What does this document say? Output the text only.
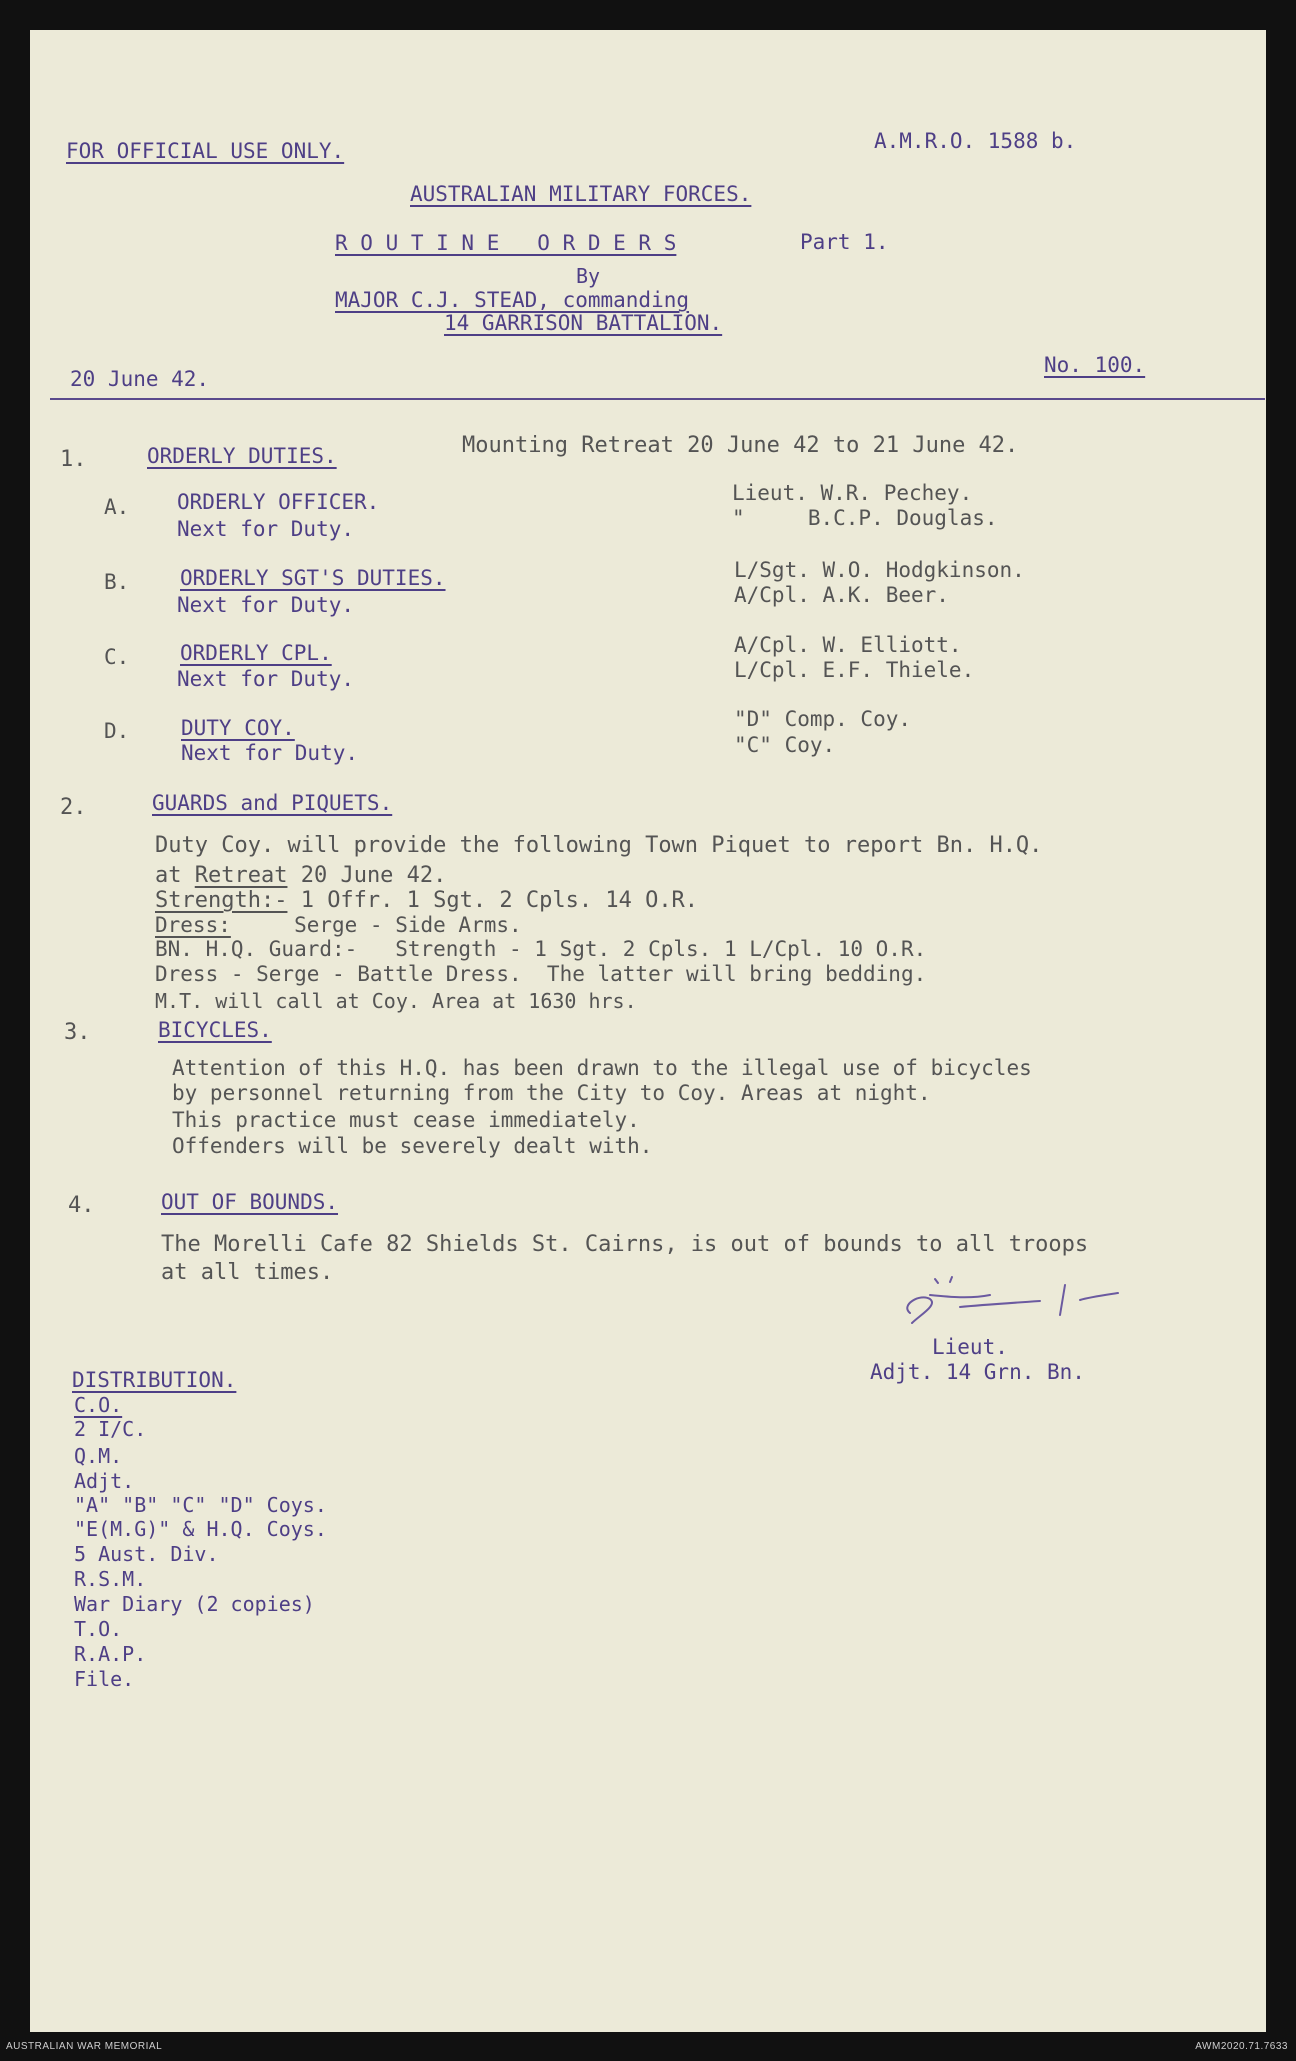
FOR OFFICIAL USE ONLY.	A.M.R.O. 1588 b.
AUSTRALIAN MILITARY FORCES.
R O U T I N E   O R D E R S	Part 1.
By
MAJOR C.J. STEAD, commanding
14 GARRISON BATTALION.
20 June 42.
No. 100.
1.	ORDERLY DUTIES.	Mounting Retreat 20 June 42 to 21 June 42.
A. ORDERLY OFFICER.
Next for Duty.
Lieut. W.R. Pechey.
"     B.C.P. Douglas.
B. ORDERLY SGT'S DUTIES.
Next for Duty.
L/Sgt. W.O. Hodgkinson.
A/Cpl. A.K. Beer.
C. ORDERLY CPL.
Next for Duty.
A/Cpl. W. Elliott.
L/Cpl. E.F. Thiele.
D. DUTY COY.
Next for Duty.
"D" Comp. Coy.
"C" Coy.
2.	GUARDS and PIQUETS.
Duty Coy. will provide the following Town Piquet to report Bn. H.Q.
at Retreat 20 June 42.
Strength:- 1 Offr. 1 Sgt. 2 Cpls. 14 O.R.
Dress:     Serge - Side Arms.
BN. H.Q. Guard:-   Strength - 1 Sgt. 2 Cpls. 1 L/Cpl. 10 O.R.
Dress - Serge - Battle Dress.  The latter will bring bedding.
M.T. will call at Coy. Area at 1630 hrs.
3.	BICYCLES.
Attention of this H.Q. has been drawn to the illegal use of bicycles
by personnel returning from the City to Coy. Areas at night.
This practice must cease immediately.
Offenders will be severely dealt with.
4.	OUT OF BOUNDS.
The Morelli Cafe 82 Shields St. Cairns, is out of bounds to all troops
at all times.
Lieut.
Adjt. 14 Grn. Bn.
DISTRIBUTION.
C.O.
2 I/C.
Q.M.
Adjt.
"A" "B" "C" "D" Coys.
"E(M.G)" & H.Q. Coys.
5 Aust. Div.
R.S.M.
War Diary (2 copies)
T.O.
R.A.P.
File.
AUSTRALIAN WAR MEMORIAL	AWM2020.71.7633
